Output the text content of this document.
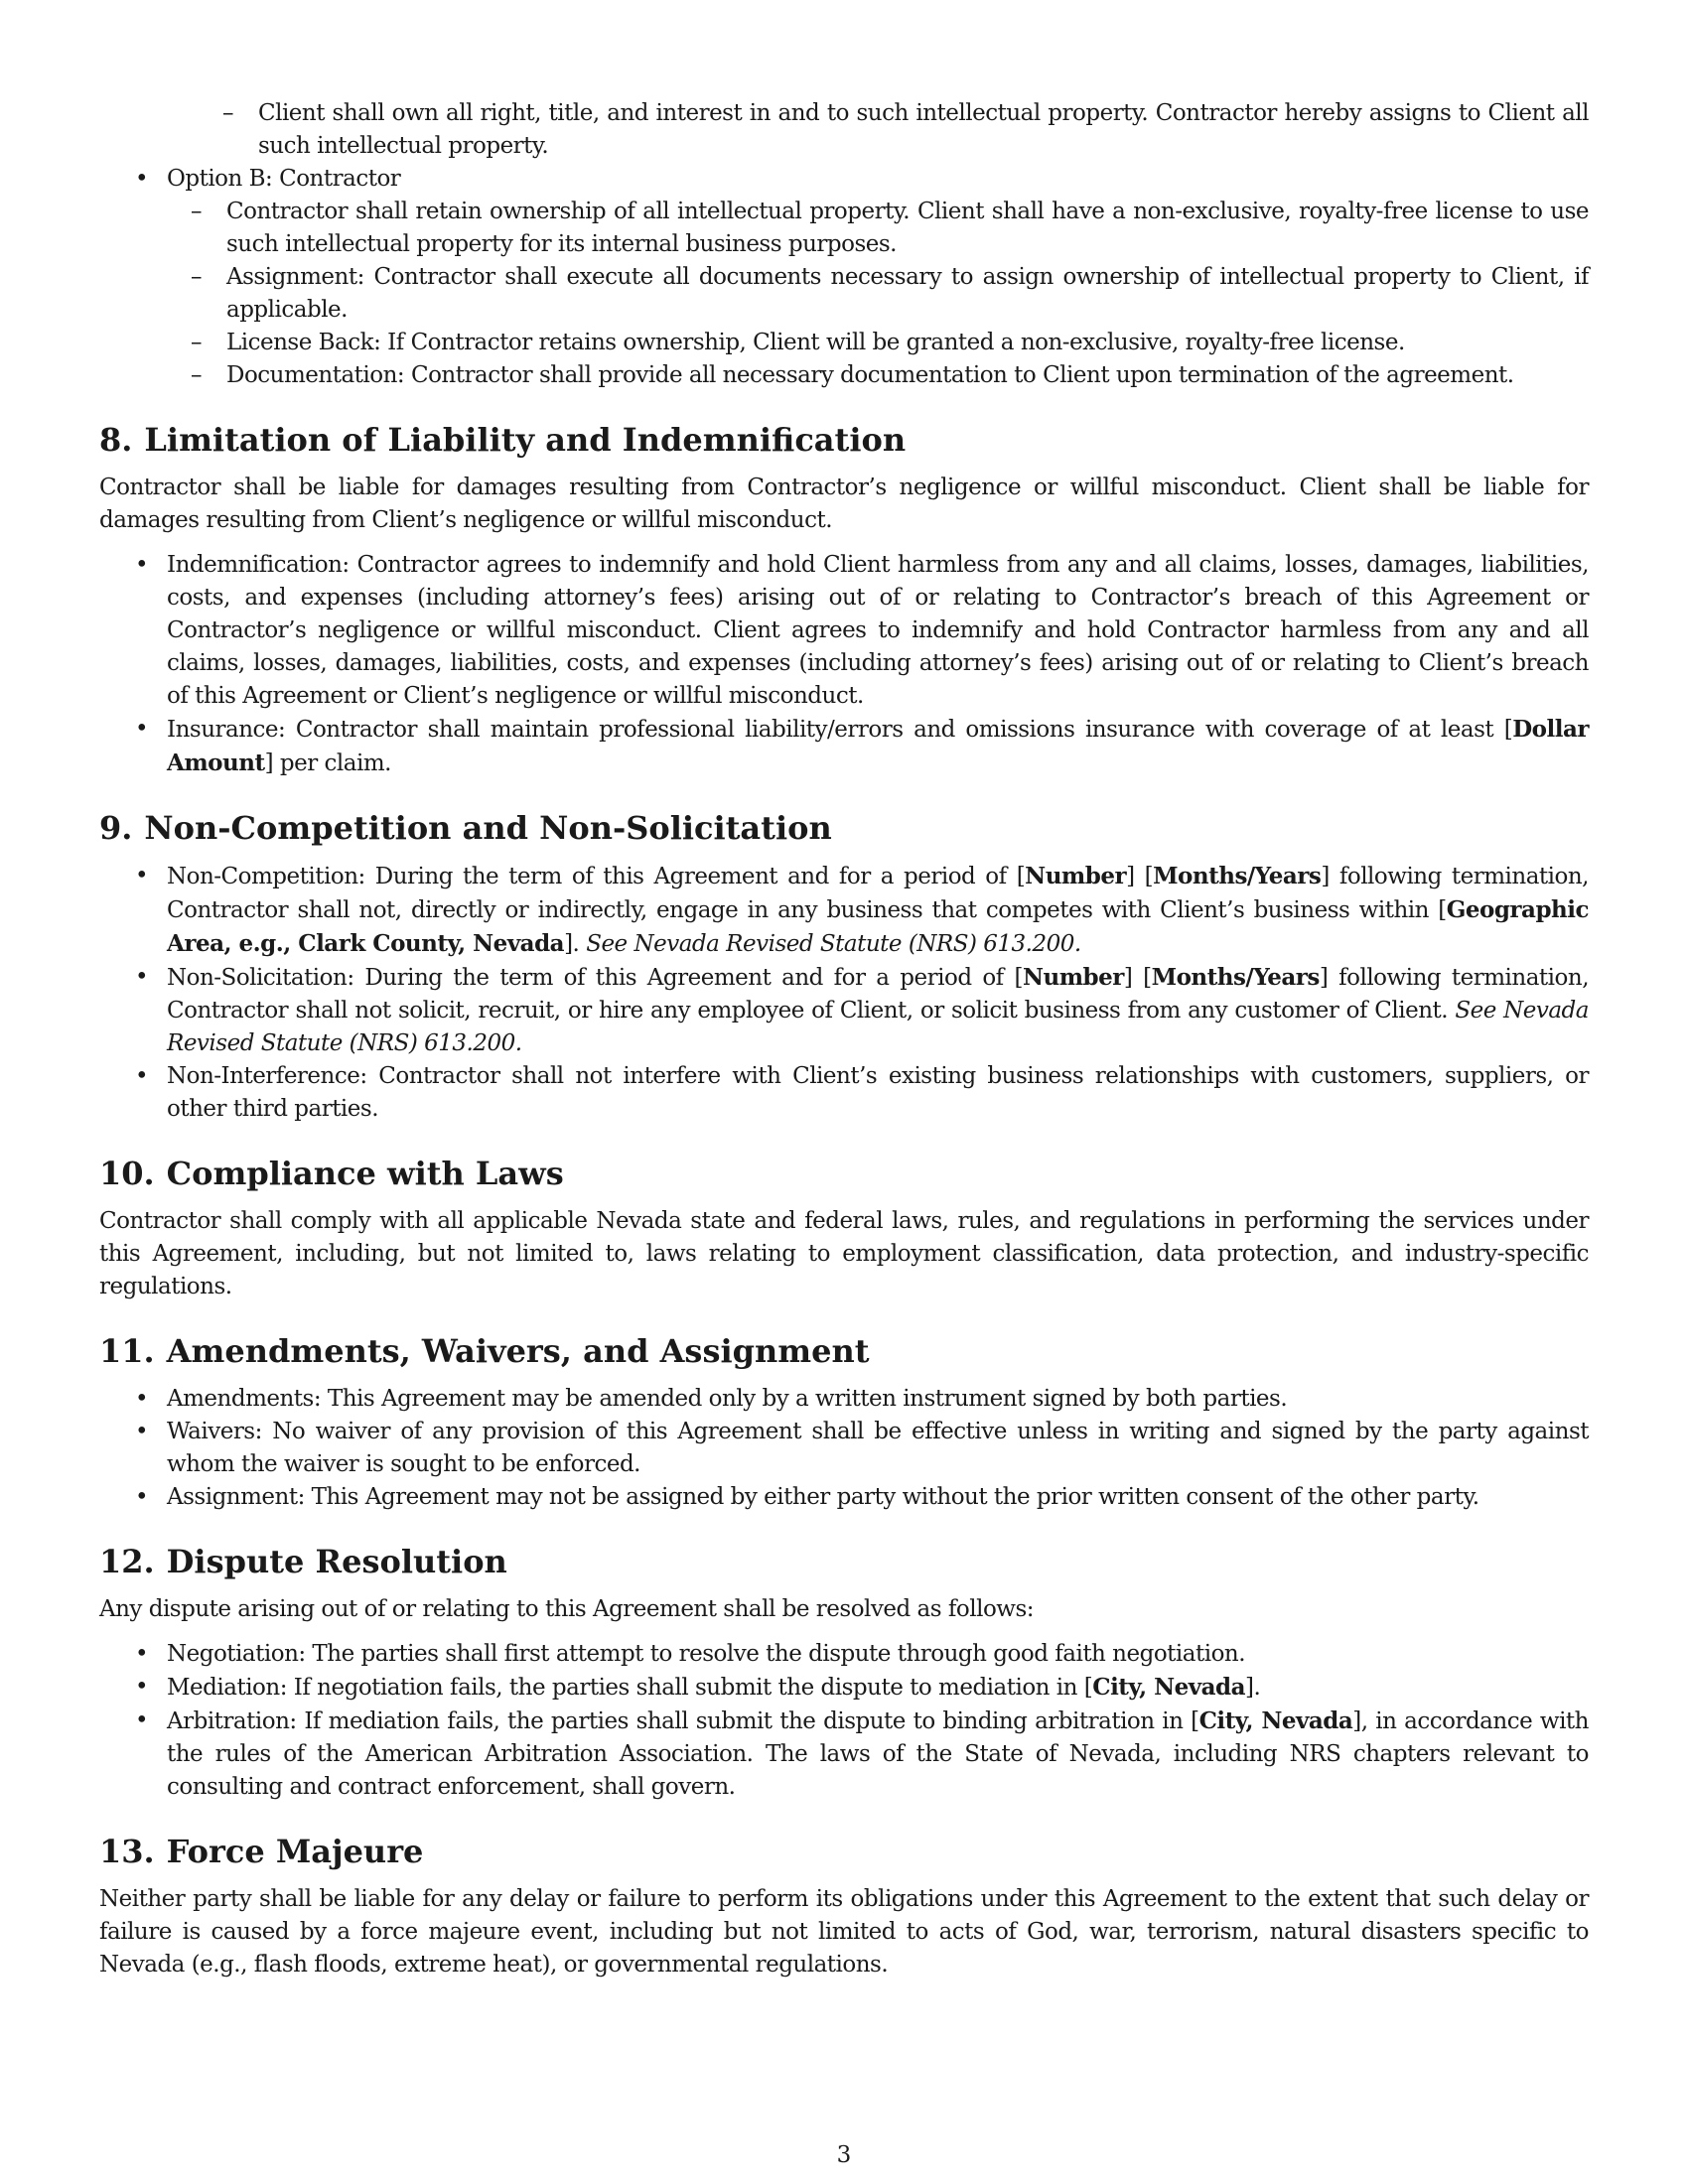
– Client shall own all right, title, and interest in and to such intellectual property. Contractor hereby assigns to Client all such intellectual property.
• Option B: Contractor
– Contractor shall retain ownership of all intellectual property. Client shall have a non-exclusive, royalty-free license to use such intellectual property for its internal business purposes.
– Assignment: Contractor shall execute all documents necessary to assign ownership of intellectual property to Client, if applicable.
– License Back: If Contractor retains ownership, Client will be granted a non-exclusive, royalty-free license.
– Documentation: Contractor shall provide all necessary documentation to Client upon termination of the agreement.
8. Limitation of Liability and Indemnification

Contractor shall be liable for damages resulting from Contractor’s negligence or willful misconduct. Client shall be liable for damages resulting from Client’s negligence or willful misconduct.

• Indemnification: Contractor agrees to indemnify and hold Client harmless from any and all claims, losses, damages, liabilities, costs, and expenses (including attorney’s fees) arising out of or relating to Contractor’s breach of this Agreement or Contractor’s negligence or willful misconduct. Client agrees to indemnify and hold Contractor harmless from any and all claims, losses, damages, liabilities, costs, and expenses (including attorney’s fees) arising out of or relating to Client’s breach of this Agreement or Client’s negligence or willful misconduct.
• Insurance: Contractor shall maintain professional liability/errors and omissions insurance with coverage of at least [Dollar Amount] per claim.
9. Non-Competition and Non-Solicitation
• Non-Competition: During the term of this Agreement and for a period of [Number] [Months/Years] following termination, Contractor shall not, directly or indirectly, engage in any business that competes with Client’s business within [Geographic Area, e.g., Clark County, Nevada]. See Nevada Revised Statute (NRS) 613.200.
• Non-Solicitation: During the term of this Agreement and for a period of [Number] [Months/Years] following termination, Contractor shall not solicit, recruit, or hire any employee of Client, or solicit business from any customer of Client. See Nevada Revised Statute (NRS) 613.200.
• Non-Interference: Contractor shall not interfere with Client’s existing business relationships with customers, suppliers, or other third parties.
10. Compliance with Laws

Contractor shall comply with all applicable Nevada state and federal laws, rules, and regulations in performing the services under this Agreement, including, but not limited to, laws relating to employment classification, data protection, and industry-specific regulations.

11. Amendments, Waivers, and Assignment
• Amendments: This Agreement may be amended only by a written instrument signed by both parties.
• Waivers: No waiver of any provision of this Agreement shall be effective unless in writing and signed by the party against whom the waiver is sought to be enforced.
• Assignment: This Agreement may not be assigned by either party without the prior written consent of the other party.
12. Dispute Resolution

Any dispute arising out of or relating to this Agreement shall be resolved as follows:

• Negotiation: The parties shall first attempt to resolve the dispute through good faith negotiation.
• Mediation: If negotiation fails, the parties shall submit the dispute to mediation in [City, Nevada].
• Arbitration: If mediation fails, the parties shall submit the dispute to binding arbitration in [City, Nevada], in accordance with the rules of the American Arbitration Association. The laws of the State of Nevada, including NRS chapters relevant to consulting and contract enforcement, shall govern.
13. Force Majeure

Neither party shall be liable for any delay or failure to perform its obligations under this Agreement to the extent that such delay or failure is caused by a force majeure event, including but not limited to acts of God, war, terrorism, natural disasters specific to Nevada (e.g., flash floods, extreme heat), or governmental regulations.

3
